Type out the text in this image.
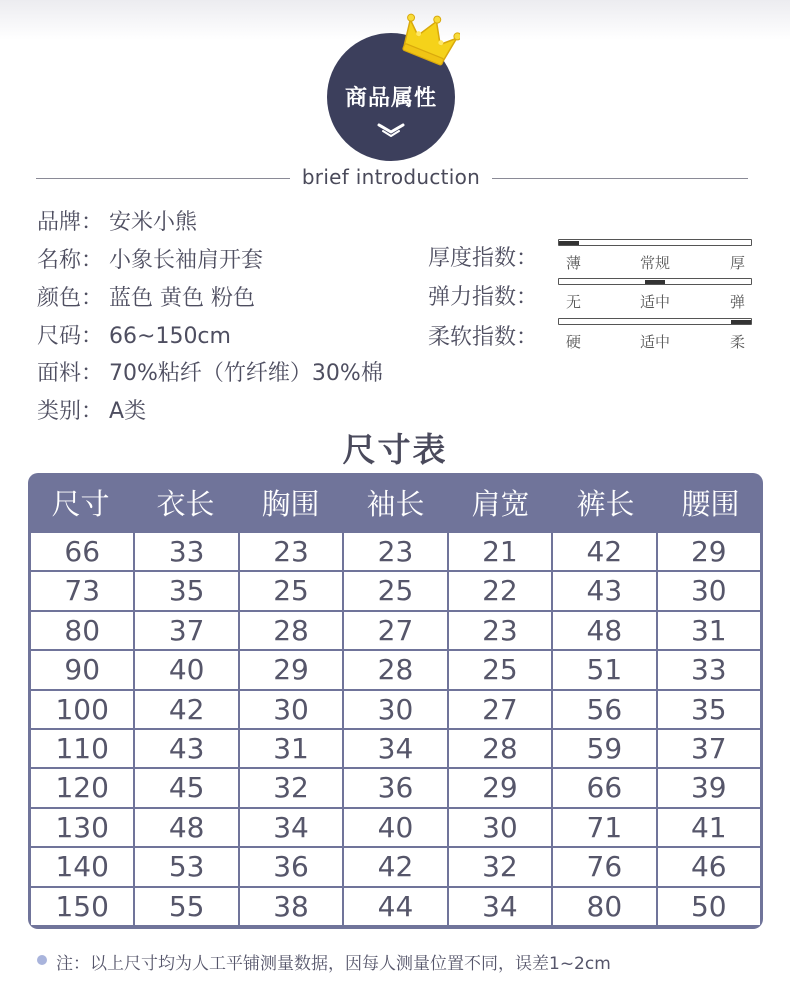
商品属性
brief introduction
品牌： 安米小熊
名称： 小象长袖肩开套
颜色： 蓝色 黄色 粉色
尺码： 66~150cm
面料： 70%粘纤（竹纤维）30%棉
类别： A类
厚度指数： 薄	常规	厚
弹力指数： 无	适中	弹
柔软指数： 硬	适中	柔
尺寸表
尺寸	衣长	胸围	袖长	肩宽	裤长	腰围
66	33	23	23	21	42	29
73	35	25	25	22	43	30
80	37	28	27	23	48	31
90	40	29	28	25	51	33
100	42	30	30	27	56	35
110	43	31	34	28	59	37
120	45	32	36	29	66	39
130	48	34	40	30	71	41
140	53	36	42	32	76	46
150	55	38	44	34	80	50
注：以上尺寸均为人工平铺测量数据，因每人测量位置不同，误差1~2cm
